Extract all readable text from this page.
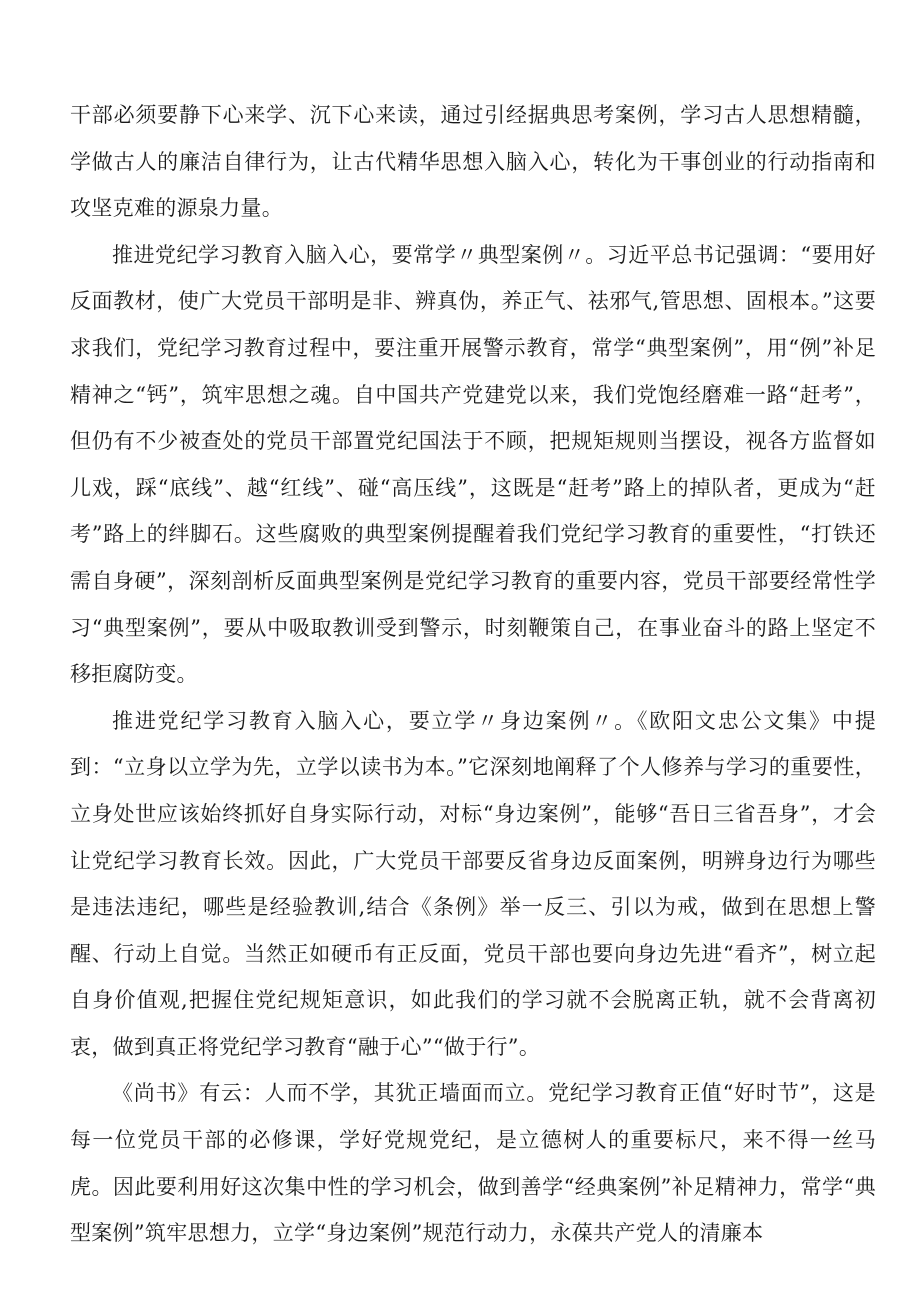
干部必须要静下心来学、沉下心来读，通过引经据典思考案例，学习古人思想精髓，学做古人的廉洁自律行为，让古代精华思想入脑入心，转化为干事创业的行动指南和攻坚克难的源泉力量。

推进党纪学习教育入脑入心，要常学〃典型案例〃。习近平总书记强调：“要用好反面教材，使广大党员干部明是非、辨真伪，养正气、祛邪气,管思想、固根本。”这要求我们，党纪学习教育过程中，要注重开展警示教育，常学“典型案例”，用“例”补足精神之“钙”，筑牢思想之魂。自中国共产党建党以来，我们党饱经磨难一路“赶考”，但仍有不少被查处的党员干部置党纪国法于不顾，把规矩规则当摆设，视各方监督如儿戏，踩“底线”、越“红线”、碰“高压线”，这既是“赶考”路上的掉队者，更成为“赶考”路上的绊脚石。这些腐败的典型案例提醒着我们党纪学习教育的重要性，“打铁还需自身硬”，深刻剖析反面典型案例是党纪学习教育的重要内容，党员干部要经常性学习“典型案例”，要从中吸取教训受到警示，时刻鞭策自己，在事业奋斗的路上坚定不移拒腐防变。

推进党纪学习教育入脑入心，要立学〃身边案例〃。《欧阳文忠公文集》中提到：“立身以立学为先，立学以读书为本。”它深刻地阐释了个人修养与学习的重要性，立身处世应该始终抓好自身实际行动，对标“身边案例”，能够“吾日三省吾身”，才会让党纪学习教育长效。因此，广大党员干部要反省身边反面案例，明辨身边行为哪些是违法违纪，哪些是经验教训,结合《条例》举一反三、引以为戒，做到在思想上警醒、行动上自觉。当然正如硬币有正反面，党员干部也要向身边先进“看齐”，树立起自身价值观,把握住党纪规矩意识，如此我们的学习就不会脱离正轨，就不会背离初衷，做到真正将党纪学习教育“融于心”“做于行”。

《尚书》有云：人而不学，其犹正墙面而立。党纪学习教育正值“好时节”，这是每一位党员干部的必修课，学好党规党纪，是立德树人的重要标尺，来不得一丝马虎。因此要利用好这次集中性的学习机会，做到善学“经典案例”补足精神力，常学“典型案例”筑牢思想力，立学“身边案例”规范行动力，永葆共产党人的清廉本
